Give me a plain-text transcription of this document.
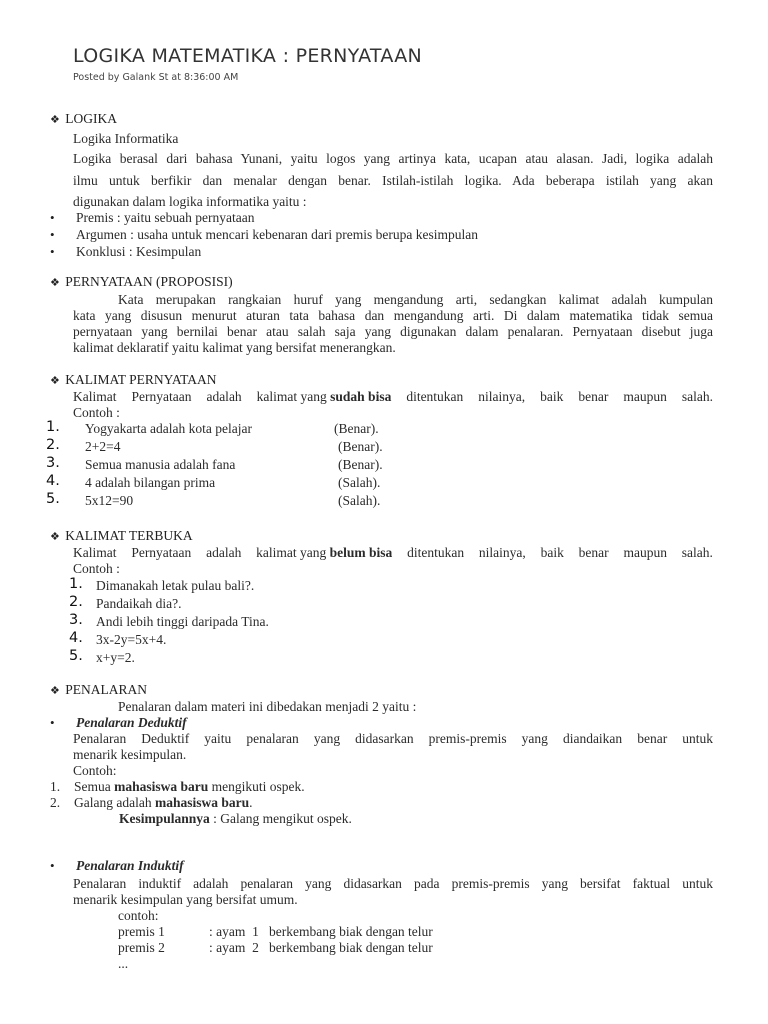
LOGIKA MATEMATIKA : PERNYATAAN
Posted by Galank St at 8:36:00 AM
❖ LOGIKA
Logika Informatika
Logika berasal dari bahasa Yunani, yaitu logos yang artinya kata, ucapan atau alasan. Jadi, logika adalah
ilmu untuk berfikir dan menalar dengan benar. Istilah-istilah logika. Ada beberapa istilah yang akan
digunakan dalam logika informatika yaitu :
• Premis : yaitu sebuah pernyataan
• Argumen : usaha untuk mencari kebenaran dari premis berupa kesimpulan
• Konklusi : Kesimpulan
❖ PERNYATAAN (PROPOSISI)
Kata merupakan rangkaian huruf yang mengandung arti, sedangkan kalimat adalah kumpulan
kata yang disusun menurut aturan tata bahasa dan mengandung arti. Di dalam matematika tidak semua
pernyataan yang bernilai benar atau salah saja yang digunakan dalam penalaran. Pernyataan disebut juga
kalimat deklaratif yaitu kalimat yang bersifat menerangkan.
❖ KALIMAT PERNYATAAN
Kalimat Pernyataan adalah kalimat yang sudah bisa ditentukan nilainya, baik benar maupun salah.
Contoh :
1. Yogyakarta adalah kota pelajar	(Benar).
2. 2+2=4	(Benar).
3. Semua manusia adalah fana	(Benar).
4. 4 adalah bilangan prima	(Salah).
5. 5x12=90	(Salah).
❖ KALIMAT TERBUKA
Kalimat Pernyataan adalah kalimat yang belum bisa ditentukan nilainya, baik benar maupun salah.
Contoh :
1. Dimanakah letak pulau bali?.
2. Pandaikah dia?.
3. Andi lebih tinggi daripada Tina.
4. 3x-2y=5x+4.
5. x+y=2.
❖ PENALARAN
Penalaran dalam materi ini dibedakan menjadi 2 yaitu :
• Penalaran Deduktif
Penalaran Deduktif yaitu penalaran yang didasarkan premis-premis yang diandaikan benar untuk
menarik kesimpulan.
Contoh:
1. Semua mahasiswa baru mengikuti ospek.
2. Galang adalah mahasiswa baru.
Kesimpulannya : Galang mengikut ospek.
• Penalaran Induktif
Penalaran induktif adalah penalaran yang didasarkan pada premis-premis yang bersifat faktual untuk
menarik kesimpulan yang bersifat umum.
contoh:
premis 1	: ayam  1   berkembang biak dengan telur
premis 2	: ayam  2   berkembang biak dengan telur
...
